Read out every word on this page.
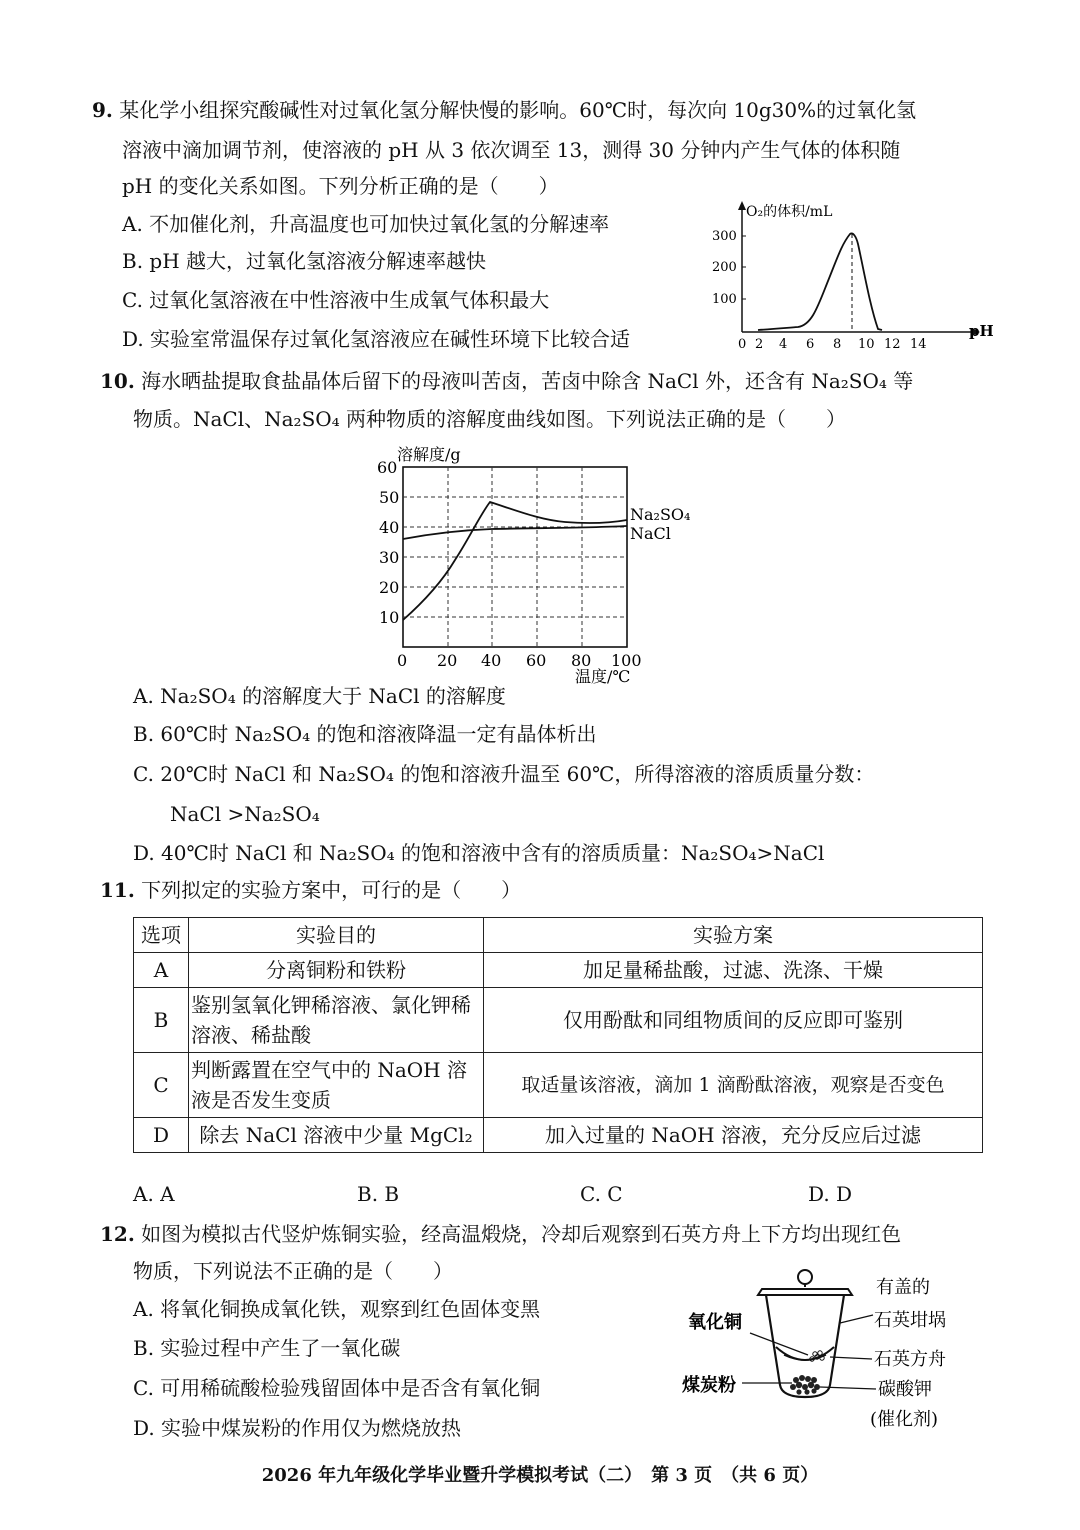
9. 某化学小组探究酸碱性对过氧化氢分解快慢的影响。60℃时，每次向 10g30%的过氧化氢
溶液中滴加调节剂，使溶液的 pH 从 3 依次调至 13，测得 30 分钟内产生气体的体积随
pH 的变化关系如图。下列分析正确的是（　　）
A. 不加催化剂，升高温度也可加快过氧化氢的分解速率
B. pH 越大，过氧化氢溶液分解速率越快
C. 过氧化氢溶液在中性溶液中生成氧气体积最大
D. 实验室常温保存过氧化氢溶液应在碱性环境下比较合适
O₂的体积/mL
pH
300
200
100
0 2 4 6 8 10 12 14
10. 海水晒盐提取食盐晶体后留下的母液叫苦卤，苦卤中除含 NaCl 外，还含有 Na₂SO₄ 等
物质。NaCl、Na₂SO₄ 两种物质的溶解度曲线如图。下列说法正确的是（　　）
溶解度/g
60
50
40
30
20
10
0 20 40 60 80 100
温度/℃
Na₂SO₄
NaCl
A. Na₂SO₄ 的溶解度大于 NaCl 的溶解度
B. 60℃时 Na₂SO₄ 的饱和溶液降温一定有晶体析出
C. 20℃时 NaCl 和 Na₂SO₄ 的饱和溶液升温至 60℃，所得溶液的溶质质量分数：
NaCl >Na₂SO₄
D. 40℃时 NaCl 和 Na₂SO₄ 的饱和溶液中含有的溶质质量：Na₂SO₄>NaCl
11. 下列拟定的实验方案中，可行的是（　　）
选项	实验目的	实验方案
A	分离铜粉和铁粉	加足量稀盐酸，过滤、洗涤、干燥
B	鉴别氢氧化钾稀溶液、氯化钾稀溶液、稀盐酸	仅用酚酞和同组物质间的反应即可鉴别
C	判断露置在空气中的 NaOH 溶液是否发生变质	取适量该溶液，滴加 1 滴酚酞溶液，观察是否变色
D	除去 NaCl 溶液中少量 MgCl₂	加入过量的 NaOH 溶液，充分反应后过滤
A. A	B. B	C. C	D. D
12. 如图为模拟古代竖炉炼铜实验，经高温煅烧，冷却后观察到石英方舟上下方均出现红色
物质，下列说法不正确的是（　　）
A. 将氧化铜换成氧化铁，观察到红色固体变黑
B. 实验过程中产生了一氧化碳
C. 可用稀硫酸检验残留固体中是否含有氧化铜
D. 实验中煤炭粉的作用仅为燃烧放热
氧化铜
煤炭粉
有盖的
石英坩埚
石英方舟
碳酸钾
(催化剂)
2026 年九年级化学毕业暨升学模拟考试（二）　第 3 页　（共 6 页）
